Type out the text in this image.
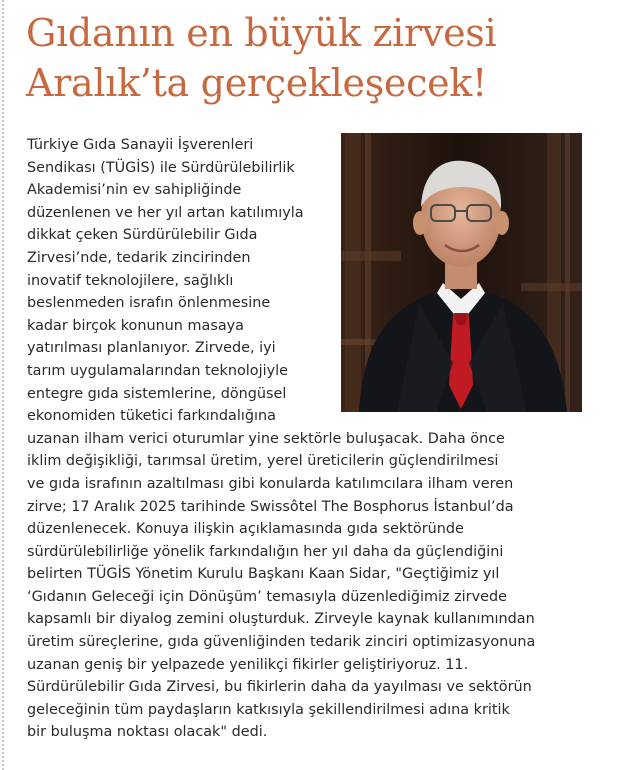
Gıdanın en büyük zirvesi
Aralık’ta gerçekleşecek!
Türkiye Gıda Sanayii İşverenleri
Sendikası (TÜGİS) ile Sürdürülebilirlik
Akademisi’nin ev sahipliğinde
düzenlenen ve her yıl artan katılımıyla
dikkat çeken Sürdürülebilir Gıda
Zirvesi’nde, tedarik zincirinden
inovatif teknolojilere, sağlıklı
beslenmeden israfın önlenmesine
kadar birçok konunun masaya
yatırılması planlanıyor. Zirvede, iyi
tarım uygulamalarından teknolojiyle
entegre gıda sistemlerine, döngüsel
ekonomiden tüketici farkındalığına
uzanan ilham verici oturumlar yine sektörle buluşacak. Daha önce
iklim değişikliği, tarımsal üretim, yerel üreticilerin güçlendirilmesi
ve gıda israfının azaltılması gibi konularda katılımcılara ilham veren
zirve; 17 Aralık 2025 tarihinde Swissôtel The Bosphorus İstanbul’da
düzenlenecek. Konuya ilişkin açıklamasında gıda sektöründe
sürdürülebilirliğe yönelik farkındalığın her yıl daha da güçlendiğini
belirten TÜGİS Yönetim Kurulu Başkanı Kaan Sidar, "Geçtiğimiz yıl
‘Gıdanın Geleceği için Dönüşüm’ temasıyla düzenlediğimiz zirvede
kapsamlı bir diyalog zemini oluşturduk. Zirveyle kaynak kullanımından
üretim süreçlerine, gıda güvenliğinden tedarik zinciri optimizasyonuna
uzanan geniş bir yelpazede yenilikçi fikirler geliştiriyoruz. 11.
Sürdürülebilir Gıda Zirvesi, bu fikirlerin daha da yayılması ve sektörün
geleceğinin tüm paydaşların katkısıyla şekillendirilmesi adına kritik
bir buluşma noktası olacak" dedi.
